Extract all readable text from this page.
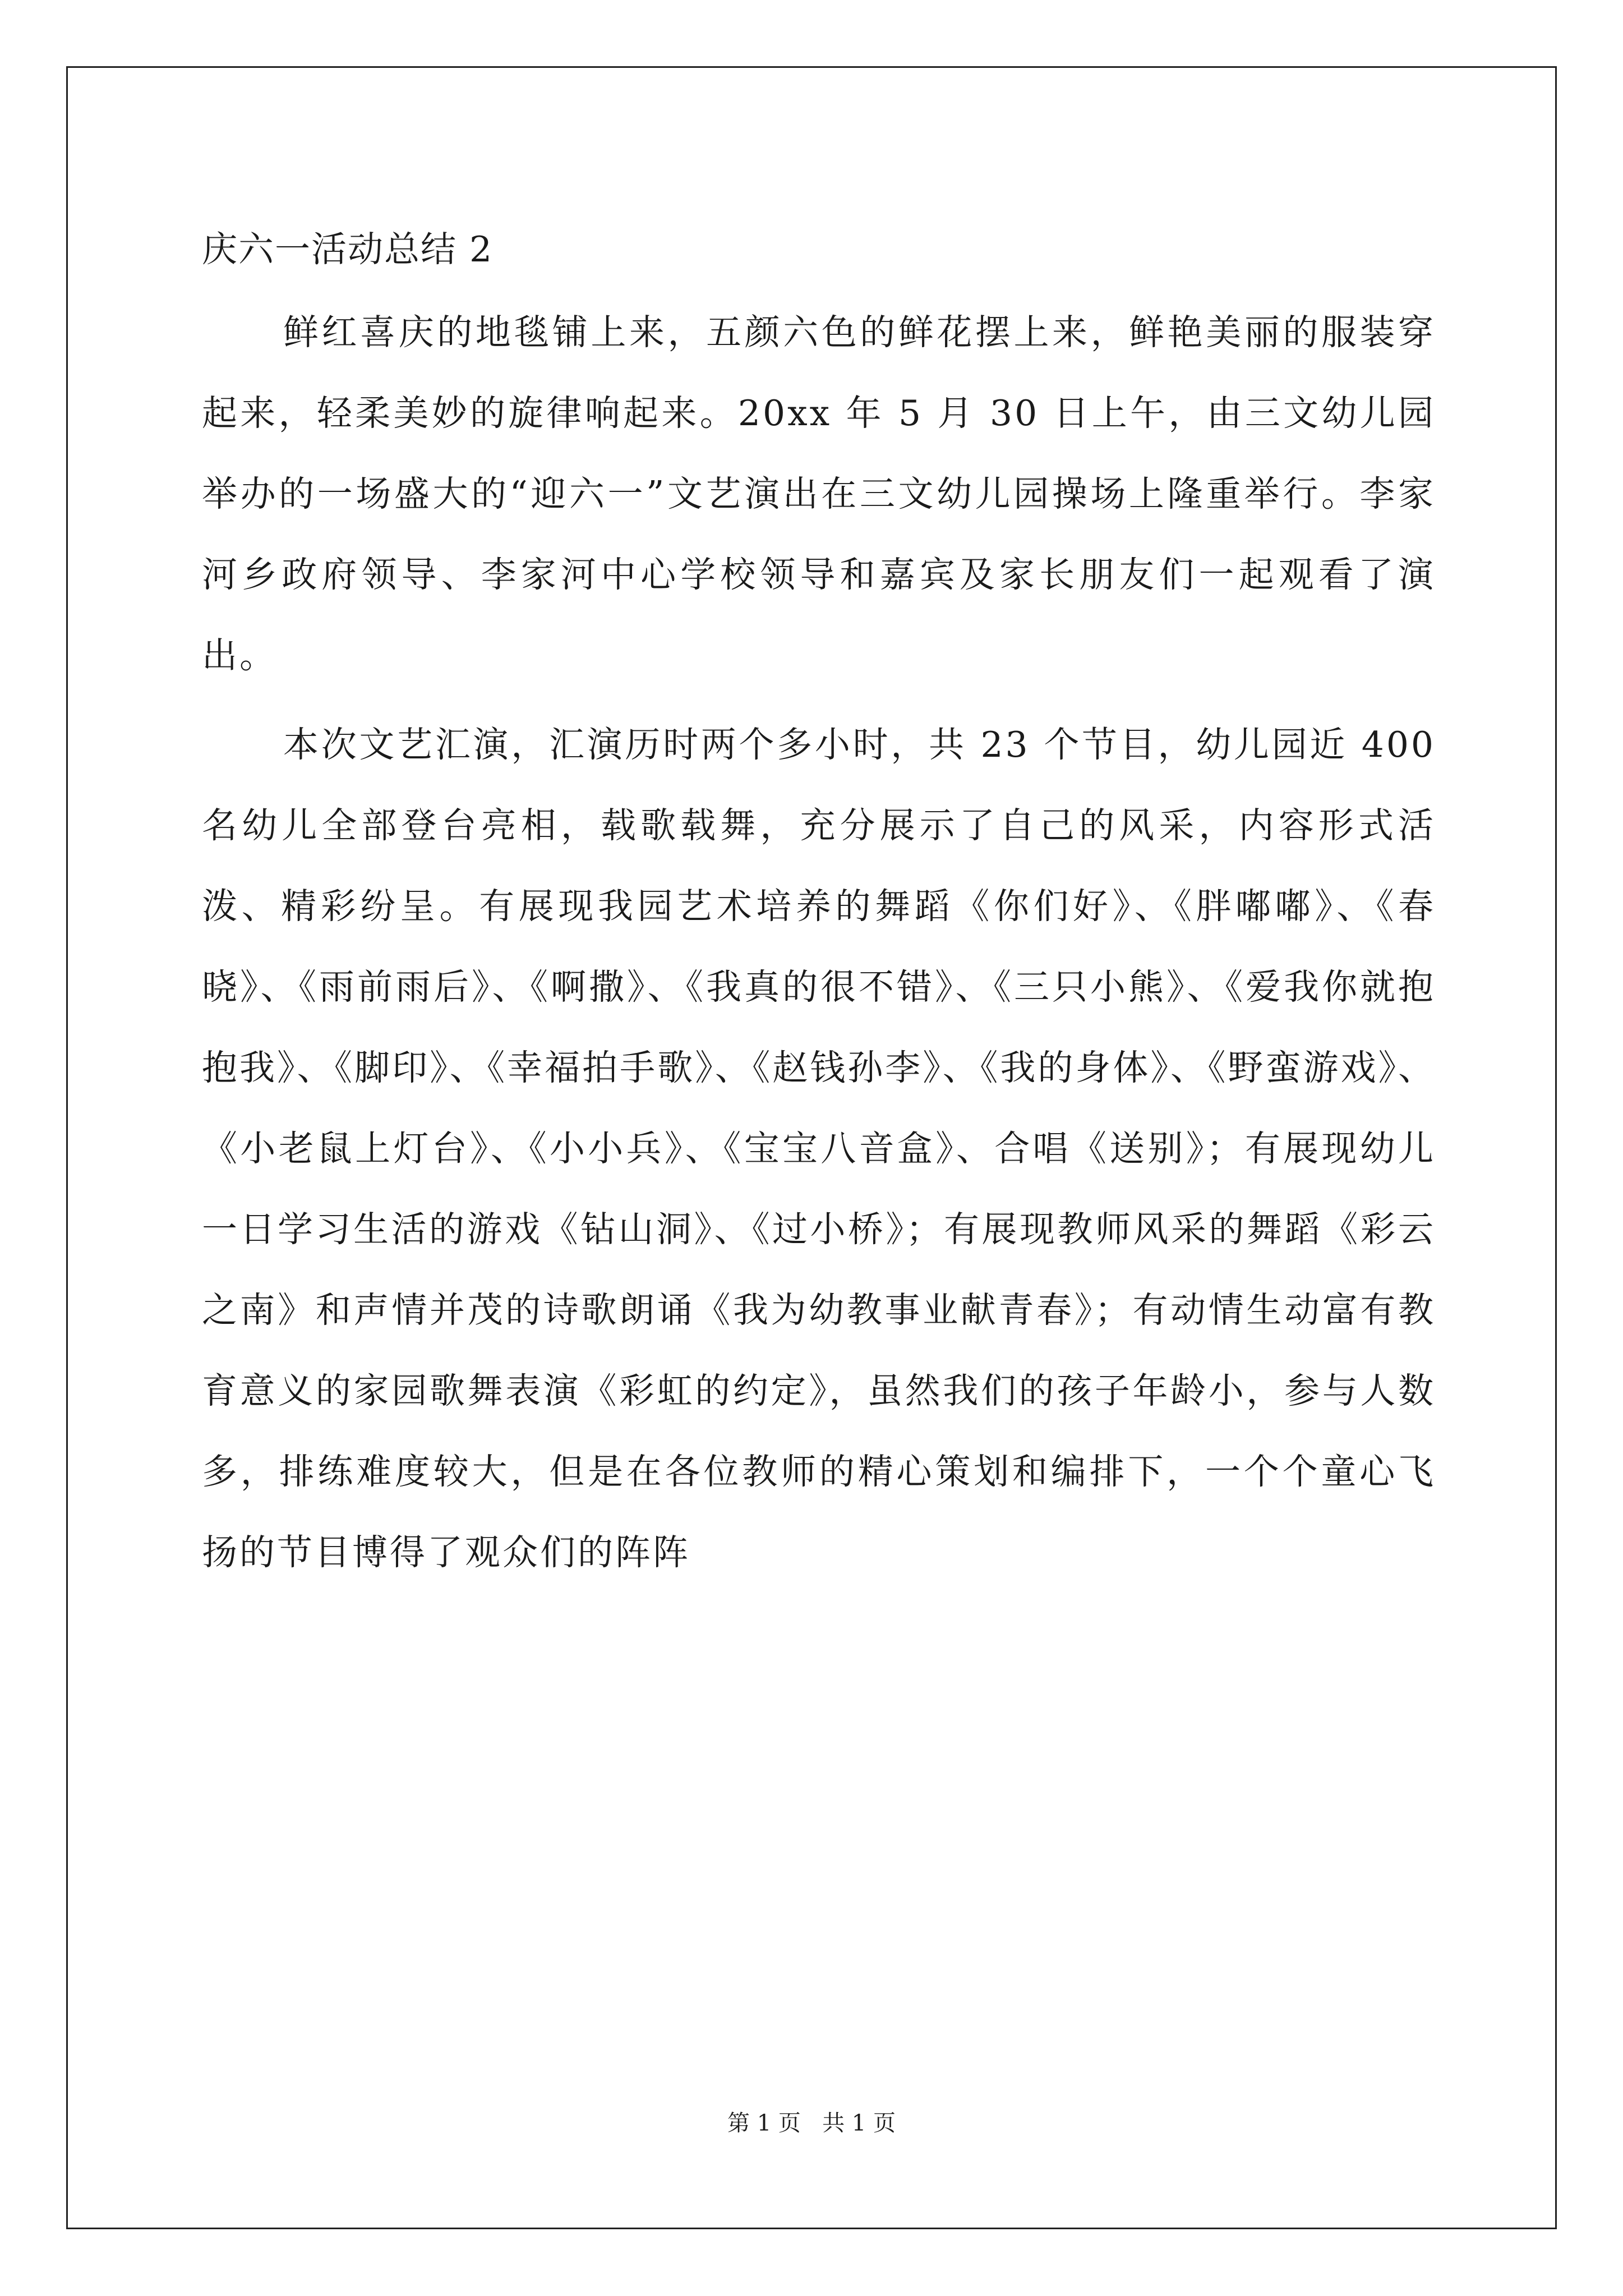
庆六一活动总结 2

鲜红喜庆的地毯铺上来，五颜六色的鲜花摆上来，鲜艳美丽的服装穿起来，轻柔美妙的旋律响起来。20xx 年 5 月 30 日上午，由三文幼儿园举办的一场盛大的“迎六一”文艺演出在三文幼儿园操场上隆重举行。李家河乡政府领导、李家河中心学校领导和嘉宾及家长朋友们一起观看了演出。

本次文艺汇演，汇演历时两个多小时，共 23 个节目，幼儿园近 400 名幼儿全部登台亮相，载歌载舞，充分展示了自己的风采，内容形式活泼、精彩纷呈。有展现我园艺术培养的舞蹈《你们好》、《胖嘟嘟》、《春晓》、《雨前雨后》、《啊撒》、《我真的很不错》、《三只小熊》、《爱我你就抱抱我》、《脚印》、《幸福拍手歌》、《赵钱孙李》、《我的身体》、《野蛮游戏》、《小老鼠上灯台》、《小小兵》、《宝宝八音盒》、合唱《送别》；有展现幼儿一日学习生活的游戏《钻山洞》、《过小桥》；有展现教师风采的舞蹈《彩云之南》和声情并茂的诗歌朗诵《我为幼教事业献青春》；有动情生动富有教育意义的家园歌舞表演《彩虹的约定》，虽然我们的孩子年龄小，参与人数多，排练难度较大，但是在各位教师的精心策划和编排下，一个个童心飞扬的节目博得了观众们的阵阵

第 1 页   共 1 页
